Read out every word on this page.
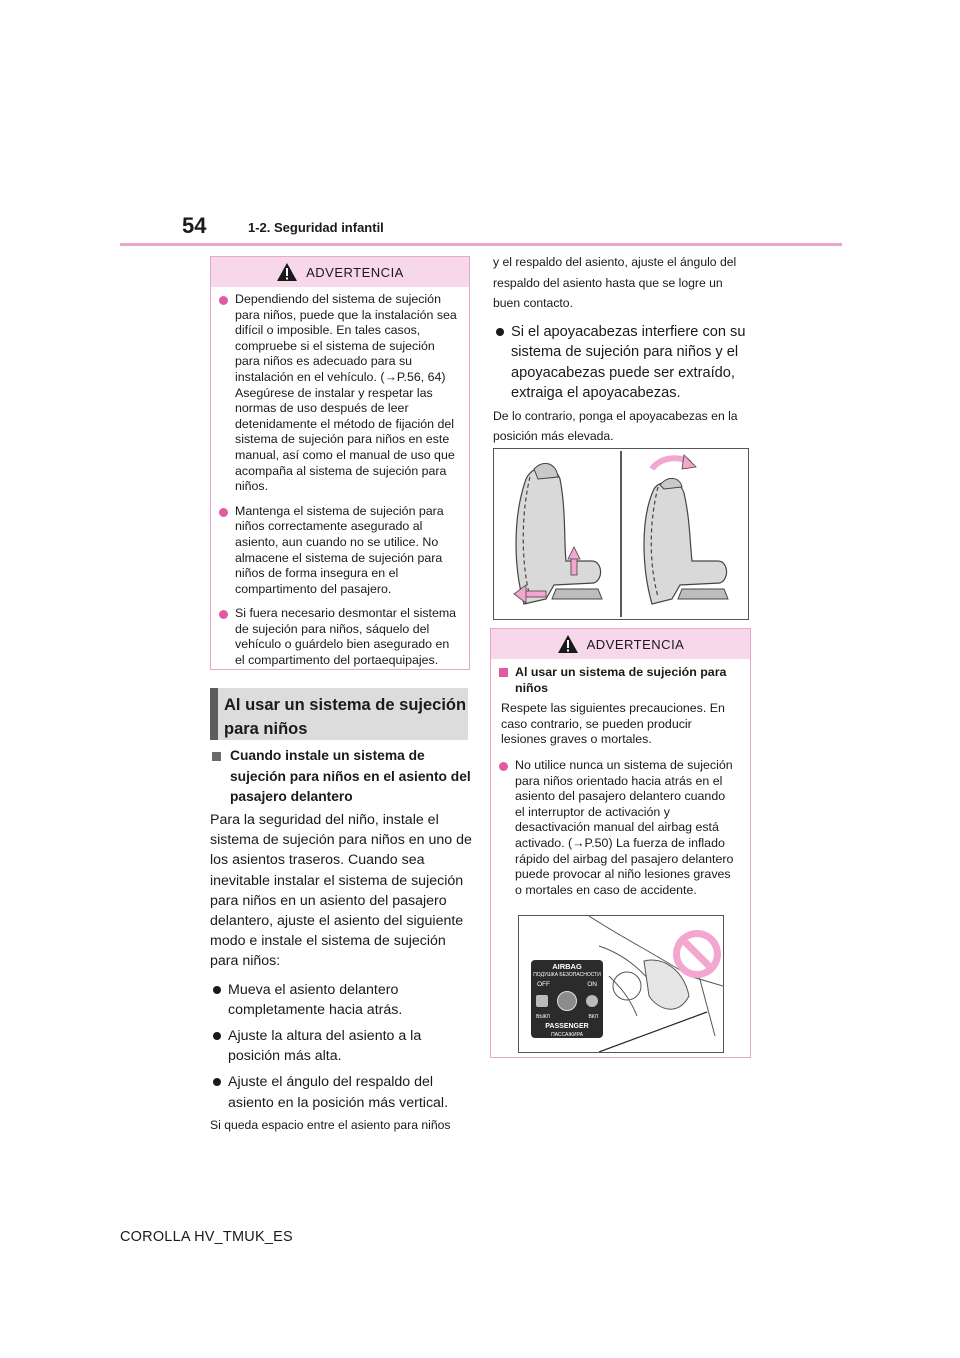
54	1-2. Seguridad infantil
ADVERTENCIA
Dependiendo del sistema de sujeción para niños, puede que la instalación sea difícil o imposible. En tales casos, compruebe si el sistema de sujeción para niños es adecuado para su instalación en el vehículo. (→P.56, 64) Asegúrese de instalar y respetar las normas de uso después de leer detenidamente el método de fijación del sistema de sujeción para niños en este manual, así como el manual de uso que acompaña al sistema de sujeción para niños.
Mantenga el sistema de sujeción para niños correctamente asegurado al asiento, aun cuando no se utilice. No almacene el sistema de sujeción para niños de forma insegura en el compartimento del pasajero.
Si fuera necesario desmontar el sistema de sujeción para niños, sáquelo del vehículo o guárdelo bien asegurado en el compartimento del portaequipajes.
Al usar un sistema de sujeción para niños
Cuando instale un sistema de sujeción para niños en el asiento del pasajero delantero
Para la seguridad del niño, instale el sistema de sujeción para niños en uno de los asientos traseros. Cuando sea inevitable instalar el sistema de sujeción para niños en un asiento del pasajero delantero, ajuste el asiento del siguiente modo e instale el sistema de sujeción para niños:
Mueva el asiento delantero completamente hacia atrás.
Ajuste la altura del asiento a la posición más alta.
Ajuste el ángulo del respaldo del asiento en la posición más vertical.
Si queda espacio entre el asiento para niños
y el respaldo del asiento, ajuste el ángulo del respaldo del asiento hasta que se logre un buen contacto.
Si el apoyacabezas interfiere con su sistema de sujeción para niños y el apoyacabezas puede ser extraído, extraiga el apoyacabezas.
De lo contrario, ponga el apoyacabezas en la posición más elevada.
ADVERTENCIA
Al usar un sistema de sujeción para niños
Respete las siguientes precauciones. En caso contrario, se pueden producir lesiones graves o mortales.
No utilice nunca un sistema de sujeción para niños orientado hacia atrás en el asiento del pasajero delantero cuando el interruptor de activación y desactivación manual del airbag está activado. (→P.50) La fuerza de inflado rápido del airbag del pasajero delantero puede provocar al niño lesiones graves o mortales en caso de accidente.
AIRBAG
ПОДУШКА БЕЗОПАСНОСТИ
OFF	ON
ВЫКЛ	ВКЛ
PASSENGER
ПАССАЖИРА
COROLLA HV_TMUK_ES
